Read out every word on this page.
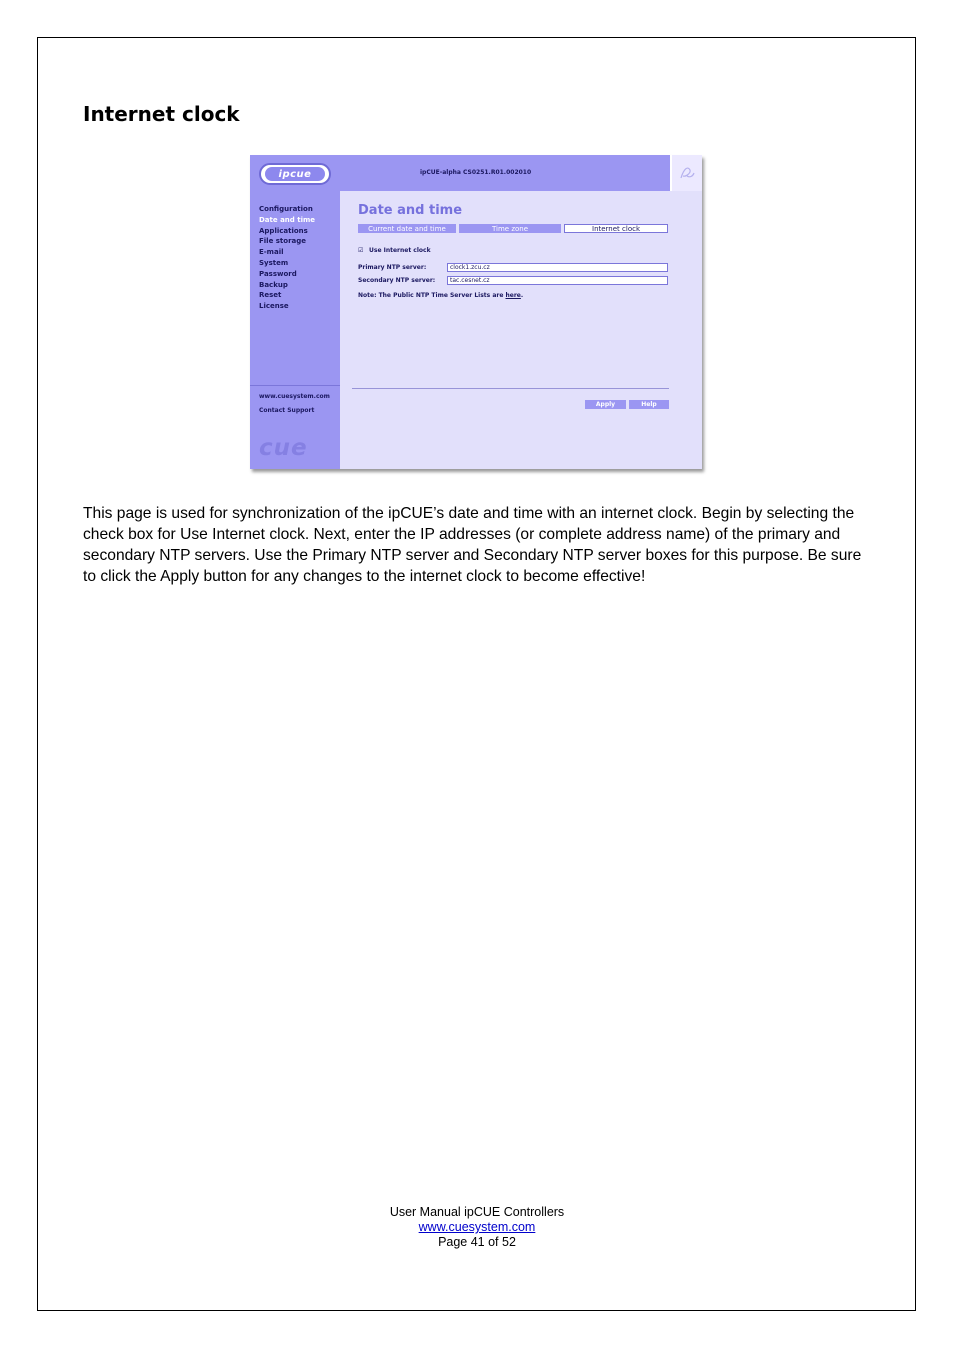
Internet clock
ipcue
Configuration
Date and time
Applications
File storage
E-mail
System
Password
Backup
Reset
License
www.cuesystem.com
Contact Support
cue
ipCUE-alpha CS0251.R01.002010
Date and time
Current date and time	Time zone	Internet clock
☑ Use Internet clock
Primary NTP server:	clock1.zcu.cz
Secondary NTP server:	tac.cesnet.cz
Note: The Public NTP Time Server Lists are here.
Apply	Help

This page is used for synchronization of the ipCUE’s date and time with an internet clock. Begin by selecting the check box for Use Internet clock. Next, enter the IP addresses (or complete address name) of the primary and secondary NTP servers. Use the Primary NTP server and Secondary NTP server boxes for this purpose. Be sure to click the Apply button for any changes to the internet clock to become effective!

User Manual ipCUE Controllers
www.cuesystem.com
Page 41 of 52
